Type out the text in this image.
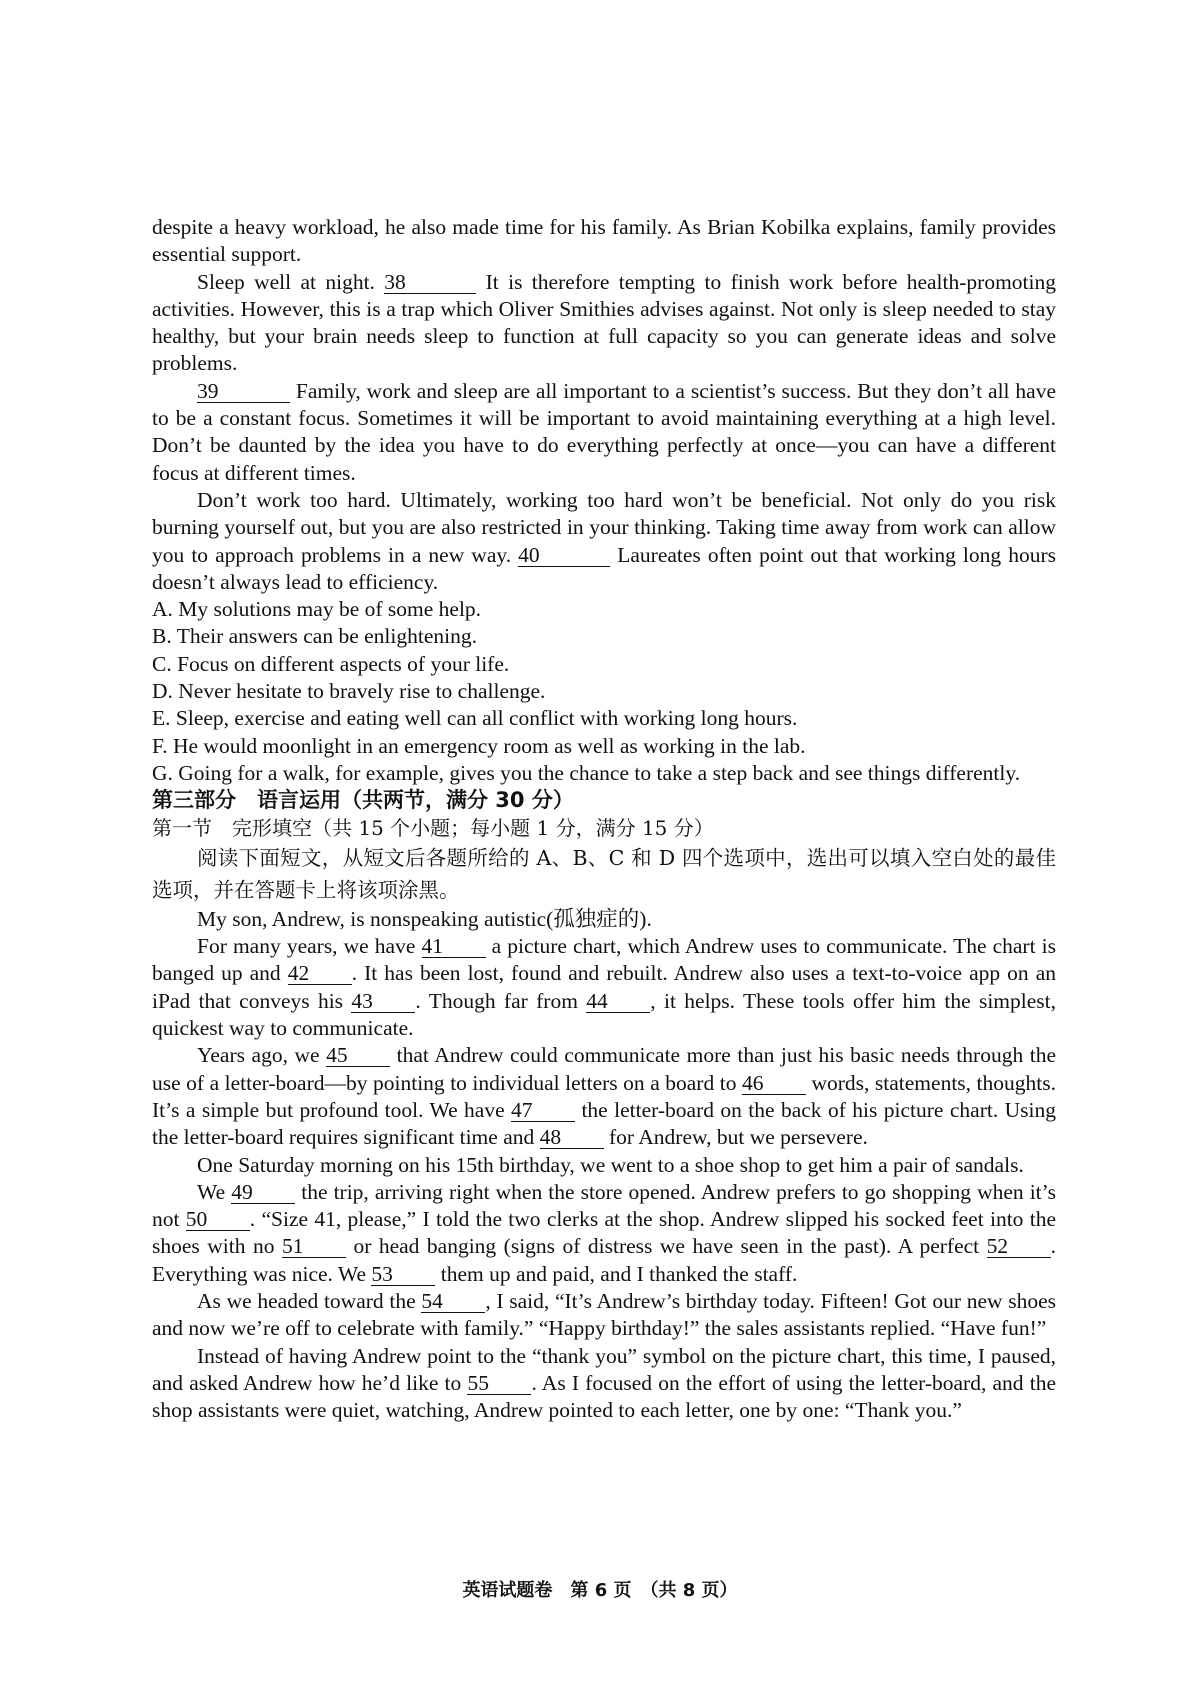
despite a heavy workload, he also made time for his family. As Brian Kobilka explains, family provides essential support.

Sleep well at night. 38	It is therefore tempting to finish work before health-promoting activities. However, this is a trap which Oliver Smithies advises against. Not only is sleep needed to stay healthy, but your brain needs sleep to function at full capacity so you can generate ideas and solve problems.

39	Family, work and sleep are all important to a scientist’s success. But they don’t all have to be a constant focus. Sometimes it will be important to avoid maintaining everything at a high level. Don’t be daunted by the idea you have to do everything perfectly at once—you can have a different focus at different times.

Don’t work too hard. Ultimately, working too hard won’t be beneficial. Not only do you risk burning yourself out, but you are also restricted in your thinking. Taking time away from work can allow you to approach problems in a new way. 40	Laureates often point out that working long hours doesn’t always lead to efficiency.

A. My solutions may be of some help.

B. Their answers can be enlightening.

C. Focus on different aspects of your life.

D. Never hesitate to bravely rise to challenge.

E. Sleep, exercise and eating well can all conflict with working long hours.

F. He would moonlight in an emergency room as well as working in the lab.

G. Going for a walk, for example, gives you the chance to take a step back and see things differently.

第三部分　语言运用（共两节，满分 30 分）

第一节　完形填空（共 15 个小题；每小题 1 分，满分 15 分）

阅读下面短文，从短文后各题所给的 A、B、C 和 D 四个选项中，选出可以填入空白处的最佳选项，并在答题卡上将该项涂黑。

My son, Andrew, is nonspeaking autistic(孤独症的).

For many years, we have 41 a picture chart, which Andrew uses to communicate. The chart is banged up and 42 . It has been lost, found and rebuilt. Andrew also uses a text-to-voice app on an iPad that conveys his 43 . Though far from 44 , it helps. These tools offer him the simplest, quickest way to communicate.

Years ago, we 45 that Andrew could communicate more than just his basic needs through the use of a letter-board—by pointing to individual letters on a board to 46 words, statements, thoughts. It’s a simple but profound tool. We have 47 the letter-board on the back of his picture chart. Using the letter-board requires significant time and 48 for Andrew, but we persevere.

One Saturday morning on his 15th birthday, we went to a shoe shop to get him a pair of sandals.

We 49 the trip, arriving right when the store opened. Andrew prefers to go shopping when it’s not 50 . “Size 41, please,” I told the two clerks at the shop. Andrew slipped his socked feet into the shoes with no 51 or head banging (signs of distress we have seen in the past). A perfect 52 . Everything was nice. We 53 them up and paid, and I thanked the staff.

As we headed toward the 54 , I said, “It’s Andrew’s birthday today. Fifteen! Got our new shoes and now we’re off to celebrate with family.” “Happy birthday!” the sales assistants replied. “Have fun!”

Instead of having Andrew point to the “thank you” symbol on the picture chart, this time, I paused, and asked Andrew how he’d like to 55 . As I focused on the effort of using the letter-board, and the shop assistants were quiet, watching, Andrew pointed to each letter, one by one: “Thank you.”

英语试题卷　第 6 页　（共 8 页）
